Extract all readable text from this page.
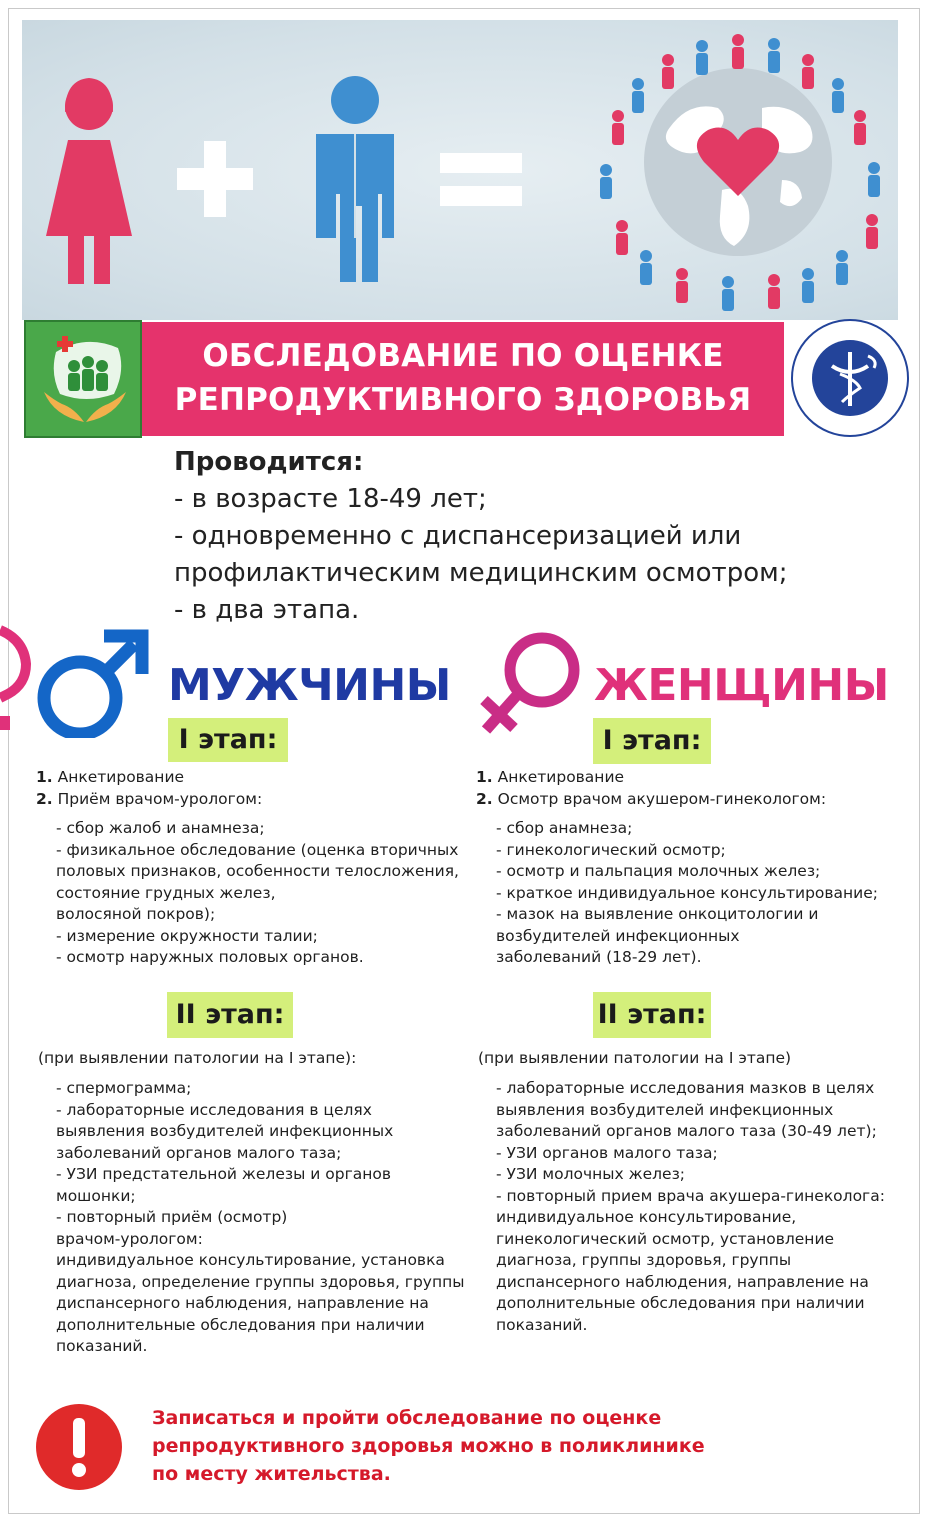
ОБСЛЕДОВАНИЕ ПО ОЦЕНКЕ
РЕПРОДУКТИВНОГО ЗДОРОВЬЯ
Проводится:
- в возрасте 18-49 лет;
- одновременно с диспансеризацией или
профилактическим медицинским осмотром;
- в два этапа.
МУЖЧИНЫ	ЖЕНЩИНЫ
I этап:	I этап:
1. Анкетирование
2. Приём врачом-урологом:
- сбор жалоб и анамнеза;
- физикальное обследование (оценка вторичных
половых признаков, особенности телосложения,
состояние грудных желез,
волосяной покров);
- измерение окружности талии;
- осмотр наружных половых органов.
1. Анкетирование
2. Осмотр врачом акушером-гинекологом:
- сбор анамнеза;
- гинекологический осмотр;
- осмотр и пальпация молочных желез;
- краткое индивидуальное консультирование;
- мазок на выявление онкоцитологии и
возбудителей инфекционных
заболеваний (18-29 лет).
II этап:	II этап:
(при выявлении патологии на I этапе):	(при выявлении патологии на I этапе)
- спермограмма;
- лабораторные исследования в целях
выявления возбудителей инфекционных
заболеваний органов малого таза;
- УЗИ предстательной железы и органов
мошонки;
- повторный приём (осмотр)
врачом-урологом:
индивидуальное консультирование, установка
диагноза, определение группы здоровья, группы
диспансерного наблюдения, направление на
дополнительные обследования при наличии
показаний.
- лабораторные исследования мазков в целях
выявления возбудителей инфекционных
заболеваний органов малого таза (30-49 лет);
- УЗИ органов малого таза;
- УЗИ молочных желез;
- повторный прием врача акушера-гинеколога:
индивидуальное консультирование,
гинекологический осмотр, установление
диагноза, группы здоровья, группы
диспансерного наблюдения, направление на
дополнительные обследования при наличии
показаний.
Записаться и пройти обследование по оценке
репродуктивного здоровья можно в поликлинике
по месту жительства.
